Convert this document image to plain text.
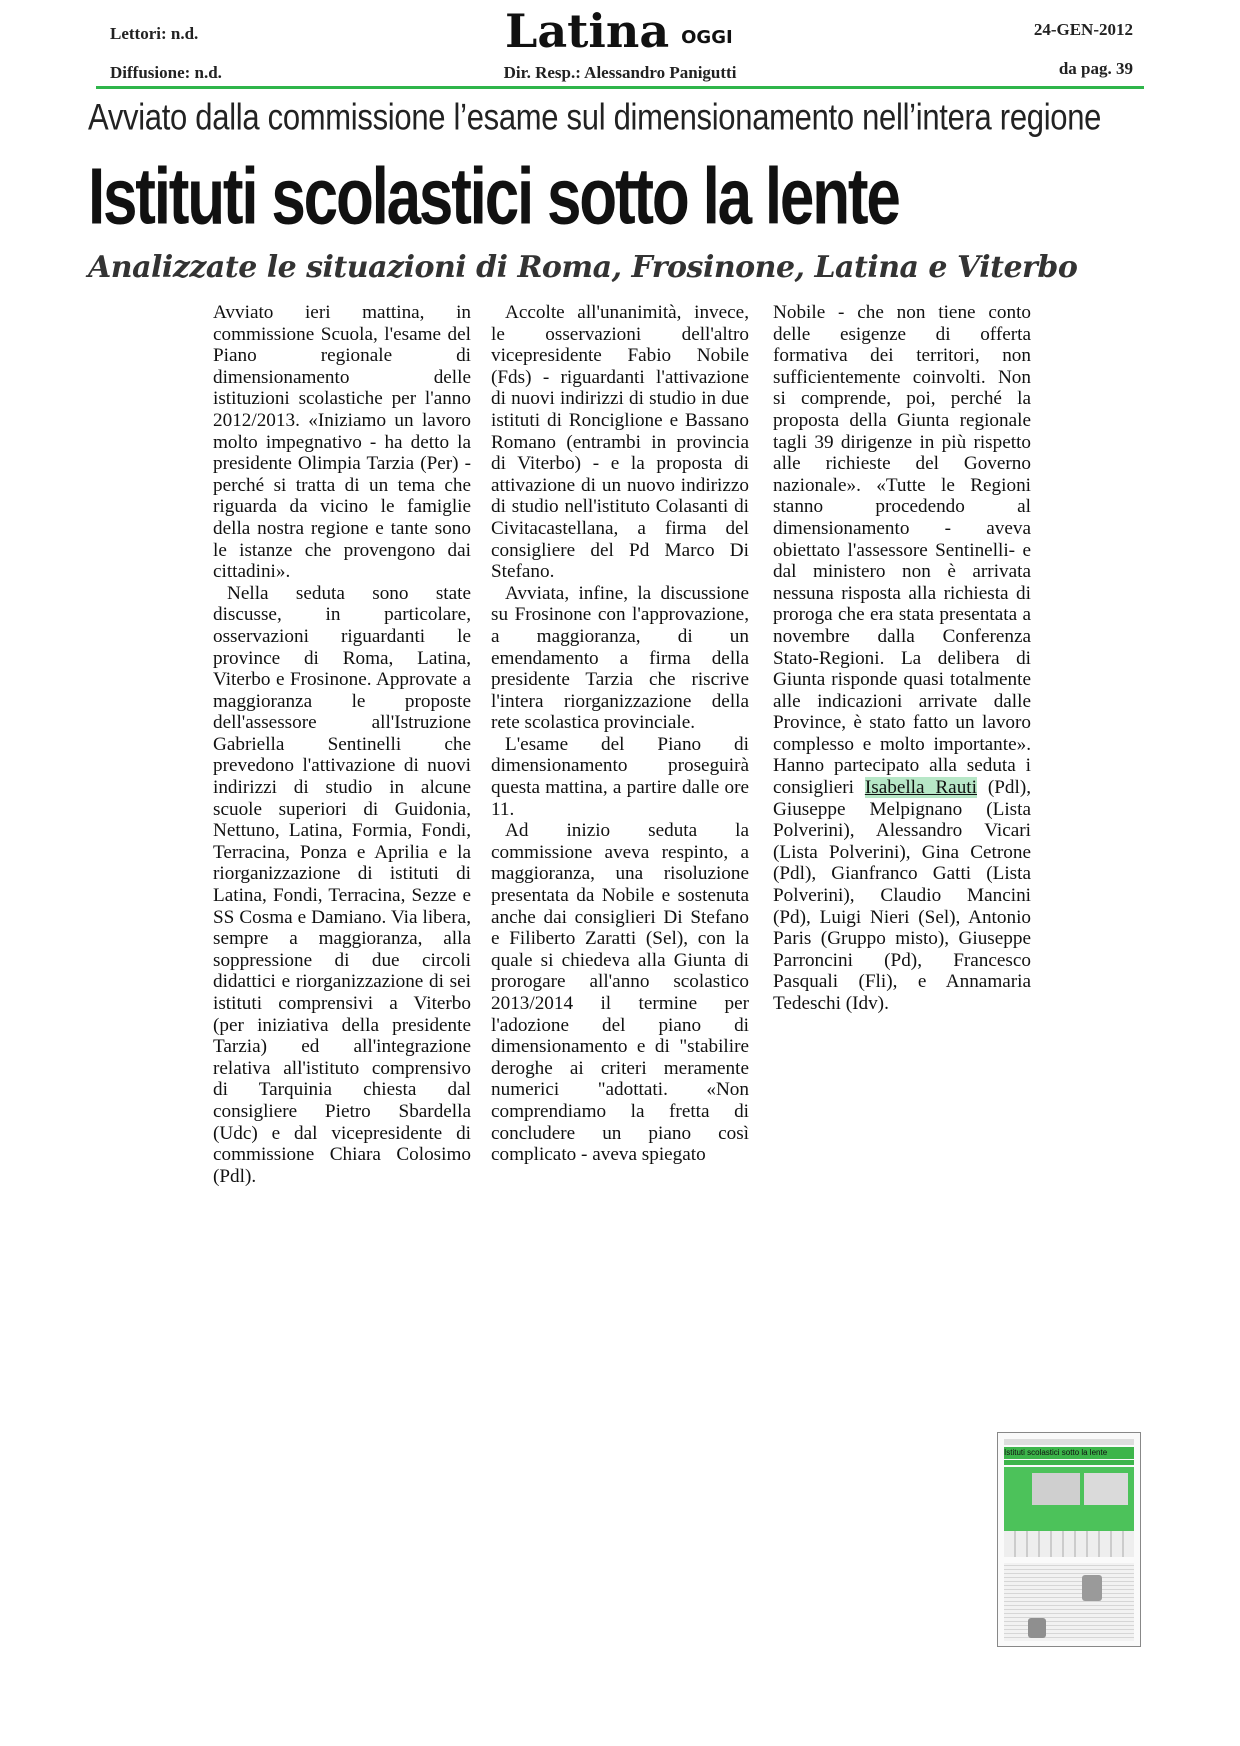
Lettori: n.d.
Diffusione: n.d.
Latina OGGI
Dir. Resp.: Alessandro Panigutti
24-GEN-2012
da pag. 39
Avviato dalla commissione l’esame sul dimensionamento nell’intera regione
Istituti scolastici sotto la lente
Analizzate le situazioni di Roma, Frosinone, Latina e Viterbo

Avviato ieri mattina, in commissione Scuola, l'esame del Piano regionale di dimensionamento delle istituzioni scolastiche per l'anno 2012/2013. «Iniziamo un lavoro molto impegnativo - ha detto la presidente Olimpia Tarzia (Per) - perché si tratta di un tema che riguarda da vicino le famiglie della nostra regione e tante sono le istanze che provengono dai cittadini».

Nella seduta sono state discusse, in particolare, osservazioni riguardanti le province di Roma, Latina, Viterbo e Frosinone. Approvate a maggioranza le proposte dell'assessore all'Istruzione Gabriella Sentinelli che prevedono l'attivazione di nuovi indirizzi di studio in alcune scuole superiori di Guidonia, Nettuno, Latina, Formia, Fondi, Terracina, Ponza e Aprilia e la riorganizzazione di istituti di Latina, Fondi, Terracina, Sezze e SS Cosma e Damiano. Via libera, sempre a maggioranza, alla soppressione di due circoli didattici e riorganizzazione di sei istituti comprensivi a Viterbo (per iniziativa della presidente Tarzia) ed all'integrazione relativa all'istituto comprensivo di Tarquinia chiesta dal consigliere Pietro Sbardella (Udc) e dal vicepresidente di commissione Chiara Colosimo (Pdl).

Accolte all'unanimità, invece, le osservazioni dell'altro vicepresidente Fabio Nobile (Fds) - riguardanti l'attivazione di nuovi indirizzi di studio in due istituti di Ronciglione e Bassano Romano (entrambi in provincia di Viterbo) - e la proposta di attivazione di un nuovo indirizzo di studio nell'istituto Colasanti di Civitacastellana, a firma del consigliere del Pd Marco Di Stefano.

Avviata, infine, la discussione su Frosinone con l'approvazione, a maggioranza, di un emendamento a firma della presidente Tarzia che riscrive l'intera riorganizzazione della rete scolastica provinciale.

L'esame del Piano di dimensionamento proseguirà questa mattina, a partire dalle ore 11.

Ad inizio seduta la commissione aveva respinto, a maggioranza, una risoluzione presentata da Nobile e sostenuta anche dai consiglieri Di Stefano e Filiberto Zaratti (Sel), con la quale si chiedeva alla Giunta di prorogare all'anno scolastico 2013/2014 il termine per l'adozione del piano di dimensionamento e di "stabilire deroghe ai criteri meramente numerici "adottati. «Non comprendiamo la fretta di concludere un piano così complicato - aveva spiegato

Nobile - che non tiene conto delle esigenze di offerta formativa dei territori, non sufficientemente coinvolti. Non si comprende, poi, perché la proposta della Giunta regionale tagli 39 dirigenze in più rispetto alle richieste del Governo nazionale». «Tutte le Regioni stanno procedendo al dimensionamento - aveva obiettato l'assessore Sentinelli- e dal ministero non è arrivata nessuna risposta alla richiesta di proroga che era stata presentata a novembre dalla Conferenza Stato-Regioni. La delibera di Giunta risponde quasi totalmente alle indicazioni arrivate dalle Province, è stato fatto un lavoro complesso e molto importante». Hanno partecipato alla seduta i consiglieri Isabella Rauti (Pdl), Giuseppe Melpignano (Lista Polverini), Alessandro Vicari (Lista Polverini), Gina Cetrone (Pdl), Gianfranco Gatti (Lista Polverini), Claudio Mancini (Pd), Luigi Nieri (Sel), Antonio Paris (Gruppo misto), Giuseppe Parroncini (Pd), Francesco Pasquali (Fli), e Annamaria Tedeschi (Idv).

Istituti scolastici sotto la lente
